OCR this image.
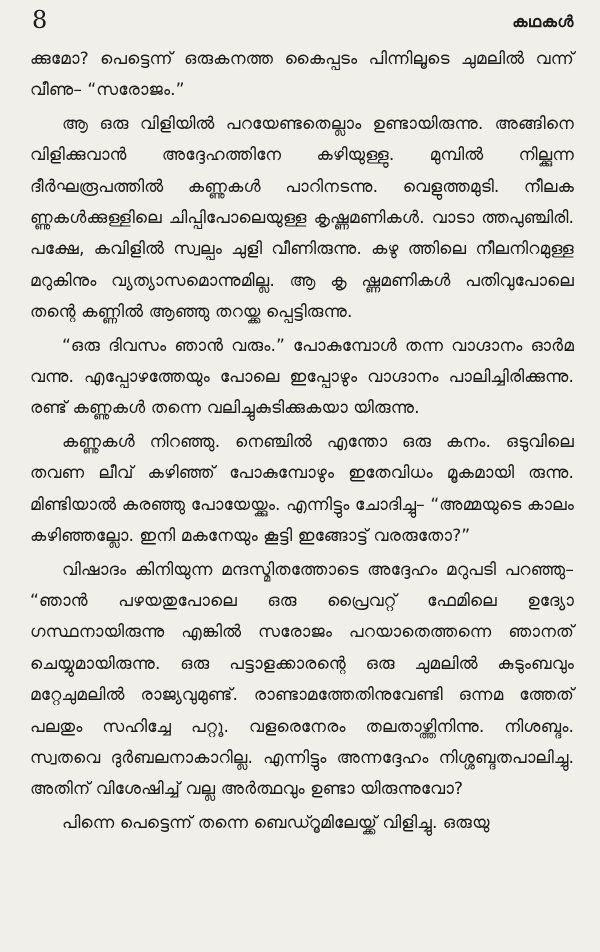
8	കഥകൾ

ക്കുമോ? പെട്ടെന്ന് ഒരുകനത്ത കൈപ്പടം പിന്നിലൂടെ ചുമലിൽ വന്ന് വീണു– “സരോജം.”

ആ ഒരു വിളിയിൽ പറയേണ്ടതെല്ലാം ഉണ്ടായിരുന്നു. അങ്ങിനെ വിളിക്കുവാൻ അദ്ദേഹത്തിനേ കഴിയുള്ളു. മുമ്പിൽ നില്ക്കുന്ന ദീർഘരൂപത്തിൽ കണ്ണുകൾ പാറിനടന്നു. വെളുത്തമുടി. നീലക ണ്ണുകൾക്കുള്ളിലെ ചിപ്പിപോലെയുള്ള കൃഷ്ണമണികൾ. വാടാ ത്തപുഞ്ചിരി. പക്ഷേ, കവിളിൽ സ്വല്പം ചുളി വീണിരുന്നു. കഴു ത്തിലെ നീലനിറമുള്ള മറുകിനും വ്യത്യാസമൊന്നുമില്ല. ആ കൃ ഷ്ണമണികൾ പതിവുപോലെ തന്റെ കണ്ണിൽ ആഞ്ഞു തറയ്ക്ക പ്പെട്ടിരുന്നു.

“ഒരു ദിവസം ഞാൻ വരും.” പോകുമ്പോൾ തന്ന വാഗ്ദാനം ഓർമ വന്നു. എപ്പോഴത്തേയും പോലെ ഇപ്പോഴും വാഗ്ദാനം പാലിച്ചിരിക്കുന്നു. രണ്ട് കണ്ണുകൾ തന്നെ വലിച്ചുകുടിക്കുകയാ യിരുന്നു.

കണ്ണുകൾ നിറഞ്ഞു. നെഞ്ചിൽ എന്തോ ഒരു കനം. ഒടുവിലെ തവണ ലീവ് കഴിഞ്ഞ് പോകുമ്പോഴും ഇതേവിധം മൂകമായി രുന്നു. മിണ്ടിയാൽ കരഞ്ഞു പോയേയ്ക്കും. എന്നിട്ടും ചോദിച്ചു– “അമ്മയുടെ കാലം കഴിഞ്ഞല്ലോ. ഇനി മകനേയും കൂട്ടി ഇങ്ങോട്ട് വരരുതോ?”

വിഷാദം കിനിയുന്ന മന്ദസ്മിതത്തോടെ അദ്ദേഹം മറുപടി പറഞ്ഞു– “ഞാൻ പഴയതുപോലെ ഒരു പ്രൈവറ്റ് ഫേമിലെ ഉദ്യോ ഗസ്ഥനായിരുന്നു എങ്കിൽ സരോജം പറയാതെത്തന്നെ ഞാനത് ചെയ്യുമായിരുന്നു. ഒരു പട്ടാളക്കാരന്റെ ഒരു ചുമലിൽ കുടുംബവും മറ്റേചുമലിൽ രാജ്യവുമുണ്ട്. രാണ്ടാമത്തേതിനുവേണ്ടി ഒന്നമ ത്തേത് പലതും സഹിച്ചേ പറ്റൂ. വളരെനേരം തലതാഴ്ത്തിനിന്നു. നിശബ്ദം. സ്വതവെ ദുർബലനാകാറില്ല. എന്നിട്ടും അന്നദ്ദേഹം നിശ്ശബ്ദതപാലിച്ചു. അതിന് വിശേഷിച്ച് വല്ല അർത്ഥവും ഉണ്ടാ യിരുന്നുവോ?

പിന്നെ പെട്ടെന്ന് തന്നെ ബെഡ്റൂമിലേയ്ക്ക് വിളിച്ചു. ഒരുയു
